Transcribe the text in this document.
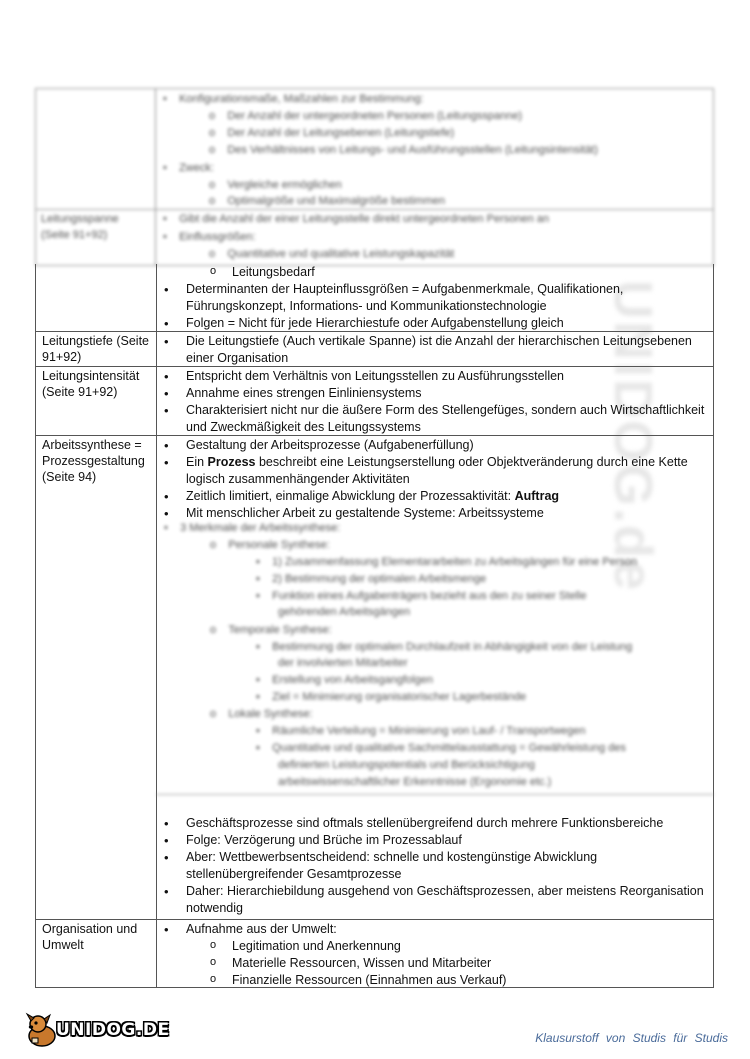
UNIDOG.de
•    Konfigurationsmaße, Maßzahlen zur Bestimmung:
o    Der Anzahl der untergeordneten Personen (Leitungsspanne)
o    Der Anzahl der Leitungsebenen (Leitungstiefe)
o    Des Verhältnisses von Leitungs- und Ausführungsstellen (Leitungsintensität)
•    Zweck:
o    Vergleiche ermöglichen
o    Optimalgröße und Maximalgröße bestimmen
Leitungsspanne
(Seite 91+92)
•    Gibt die Anzahl der einer Leitungsstelle direkt untergeordneten Personen an
•    Einflussgrößen:
o    Quantitative und qualitative Leistungskapazität
o Leitungsbedarf
• Determinanten der Haupteinflussgrößen = Aufgabenmerkmale, Qualifikationen, Führungskonzept, Informations- und Kommunikationstechnologie
• Folgen = Nicht für jede Hierarchiestufe oder Aufgabenstellung gleich
Leitungstiefe (Seite 91+92)
• Die Leitungstiefe (Auch vertikale Spanne) ist die Anzahl der hierarchischen Leitungsebenen einer Organisation
Leitungsintensität (Seite 91+92)
• Entspricht dem Verhältnis von Leitungsstellen zu Ausführungsstellen
• Annahme eines strengen Einliniensystems
• Charakterisiert nicht nur die äußere Form des Stellengefüges, sondern auch Wirtschaftlichkeit und Zweckmäßigkeit des Leitungssystems
Arbeitssynthese = Prozessgestaltung (Seite 94)
• Gestaltung der Arbeitsprozesse (Aufgabenerfüllung)
• Ein Prozess beschreibt eine Leistungserstellung oder Objektveränderung durch eine Kette logisch zusammenhängender Aktivitäten
• Zeitlich limitiert, einmalige Abwicklung der Prozessaktivität: Auftrag
• Mit menschlicher Arbeit zu gestaltende Systeme: Arbeitssysteme
•    3 Merkmale der Arbeitssynthese:
o    Personale Synthese:
▪    1) Zusammenfassung Elementararbeiten zu Arbeitsgängen für eine Person
▪    2) Bestimmung der optimalen Arbeitsmenge
▪    Funktion eines Aufgabenträgers bezieht aus den zu seiner Stelle
gehörenden Arbeitsgängen
o    Temporale Synthese:
▪    Bestimmung der optimalen Durchlaufzeit in Abhängigkeit von der Leistung
der involvierten Mitarbeiter
▪    Erstellung von Arbeitsgangfolgen
▪    Ziel = Minimierung organisatorischer Lagerbestände
o    Lokale Synthese:
▪    Räumliche Verteilung = Minimierung von Lauf- / Transportwegen
▪    Quantitative und qualitative Sachmittelausstattung = Gewährleistung des
definierten Leistungspotentials und Berücksichtigung
arbeitswissenschaftlicher Erkenntnisse (Ergonomie etc.)
• Geschäftsprozesse sind oftmals stellenübergreifend durch mehrere Funktionsbereiche
• Folge: Verzögerung und Brüche im Prozessablauf
• Aber: Wettbewerbsentscheidend: schnelle und kostengünstige Abwicklung stellenübergreifender Gesamtprozesse
• Daher: Hierarchiebildung ausgehend von Geschäftsprozessen, aber meistens Reorganisation notwendig
Organisation und Umwelt
• Aufnahme aus der Umwelt:
o Legitimation und Anerkennung
o Materielle Ressourcen, Wissen und Mitarbeiter
o Finanzielle Ressourcen (Einnahmen aus Verkauf)
UNIDOG.DE	Klausurstoff von Studis für Studis
